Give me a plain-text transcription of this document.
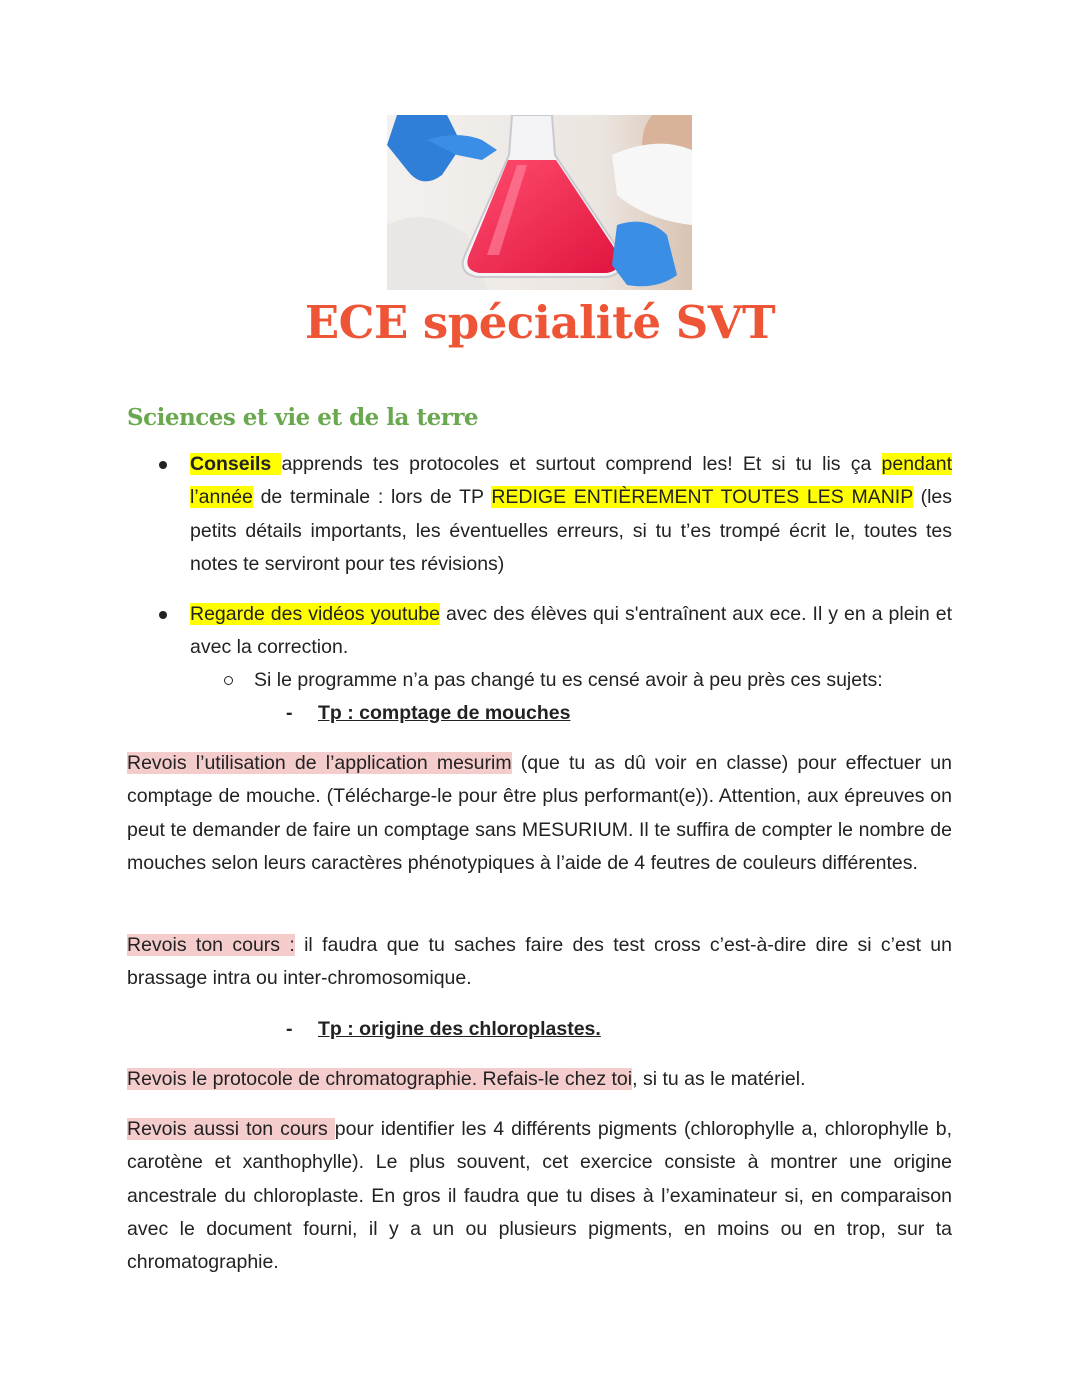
ECE spécialité SVT
Sciences et vie et de la terre

Conseils apprends tes protocoles et surtout comprend les! Et si tu lis ça pendant l’année de terminale : lors de TP REDIGE ENTIÈREMENT TOUTES LES MANIP (les petits détails importants, les éventuelles erreurs, si tu t’es trompé écrit le, toutes tes notes te serviront pour tes révisions)

Regarde des vidéos youtube avec des élèves qui s'entraînent aux ece. Il y en a plein et avec la correction.

Si le programme n’a pas changé tu es censé avoir à peu près ces sujets:

- Tp : comptage de mouches

Revois l’utilisation de l’application mesurim (que tu as dû voir en classe) pour effectuer un comptage de mouche. (Télécharge-le pour être plus performant(e)). Attention, aux épreuves on peut te demander de faire un comptage sans MESURIUM. Il te suffira de compter le nombre de mouches selon leurs caractères phénotypiques à l’aide de 4 feutres de couleurs différentes.

Revois ton cours : il faudra que tu saches faire des test cross c’est-à-dire dire si c’est un brassage intra ou inter-chromosomique.

- Tp : origine des chloroplastes.

Revois le protocole de chromatographie. Refais-le chez toi, si tu as le matériel.

Revois aussi ton cours pour identifier les 4 différents pigments (chlorophylle a, chlorophylle b, carotène et xanthophylle). Le plus souvent, cet exercice consiste à montrer une origine ancestrale du chloroplaste. En gros il faudra que tu dises à l’examinateur si, en comparaison avec le document fourni, il y a un ou plusieurs pigments, en moins ou en trop, sur ta chromatographie.
